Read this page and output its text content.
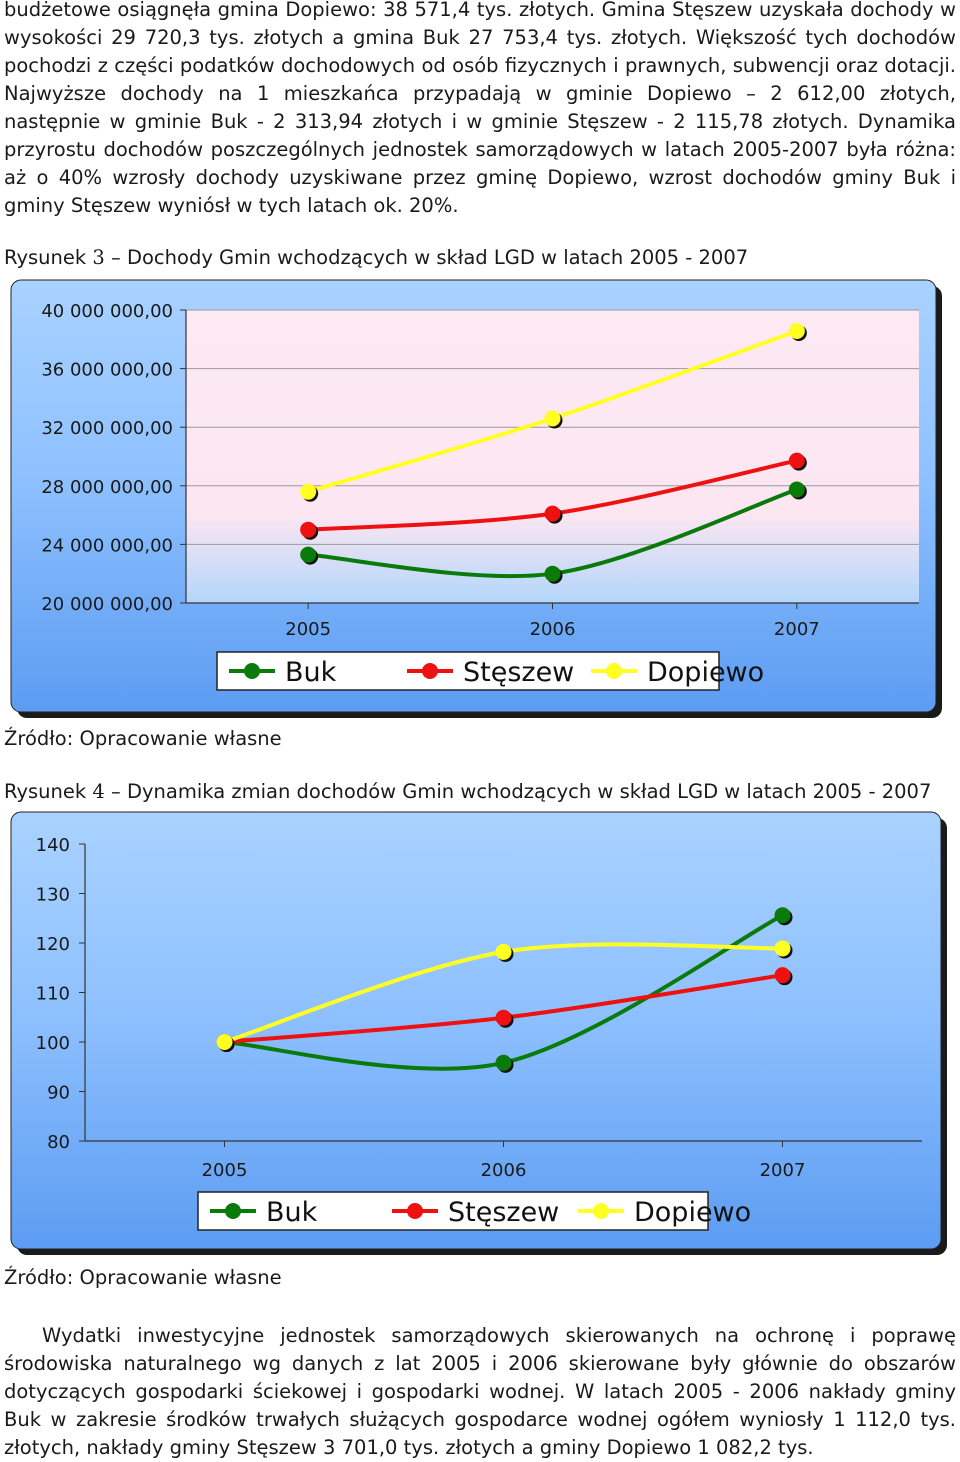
budżetowe osiągnęła gmina Dopiewo: 38 571,4 tys. złotych. Gmina Stęszew uzyskała dochody w wysokości 29 720,3 tys. złotych a gmina Buk 27 753,4 tys. złotych. Większość tych dochodów pochodzi z części podatków dochodowych od osób fizycznych i prawnych, subwencji oraz dotacji. Najwyższe dochody na 1 mieszkańca przypadają w gminie Dopiewo – 2 612,00 złotych, następnie w gminie Buk - 2 313,94 złotych i w gminie Stęszew - 2 115,78 złotych. Dynamika przyrostu dochodów poszczególnych jednostek samorządowych w latach 2005-2007 była różna: aż o 40% wzrosły dochody uzyskiwane przez gminę Dopiewo, wzrost dochodów gminy Buk i gminy Stęszew wyniósł w tych latach ok. 20%.
Rysunek 3 – Dochody Gmin wchodzących w skład LGD w latach 2005 - 2007
20 000 000,00
24 000 000,00
28 000 000,00
32 000 000,00
36 000 000,00
40 000 000,00
2005	2006	2007
Buk	Stęszew	Dopiewo
Źródło: Opracowanie własne
Rysunek 4 – Dynamika zmian dochodów Gmin wchodzących w skład LGD w latach 2005 - 2007
80
90
100
110
120
130
140
2005	2006	2007
Buk	Stęszew	Dopiewo
Źródło: Opracowanie własne
Wydatki inwestycyjne jednostek samorządowych skierowanych na ochronę i poprawę środowiska naturalnego wg danych z lat 2005 i 2006 skierowane były głównie do obszarów dotyczących gospodarki ściekowej i gospodarki wodnej. W latach 2005 - 2006 nakłady gminy Buk w zakresie środków trwałych służących gospodarce wodnej ogółem wyniosły 1 112,0 tys. złotych, nakłady gminy Stęszew 3 701,0 tys. złotych a gminy Dopiewo 1 082,2 tys.
